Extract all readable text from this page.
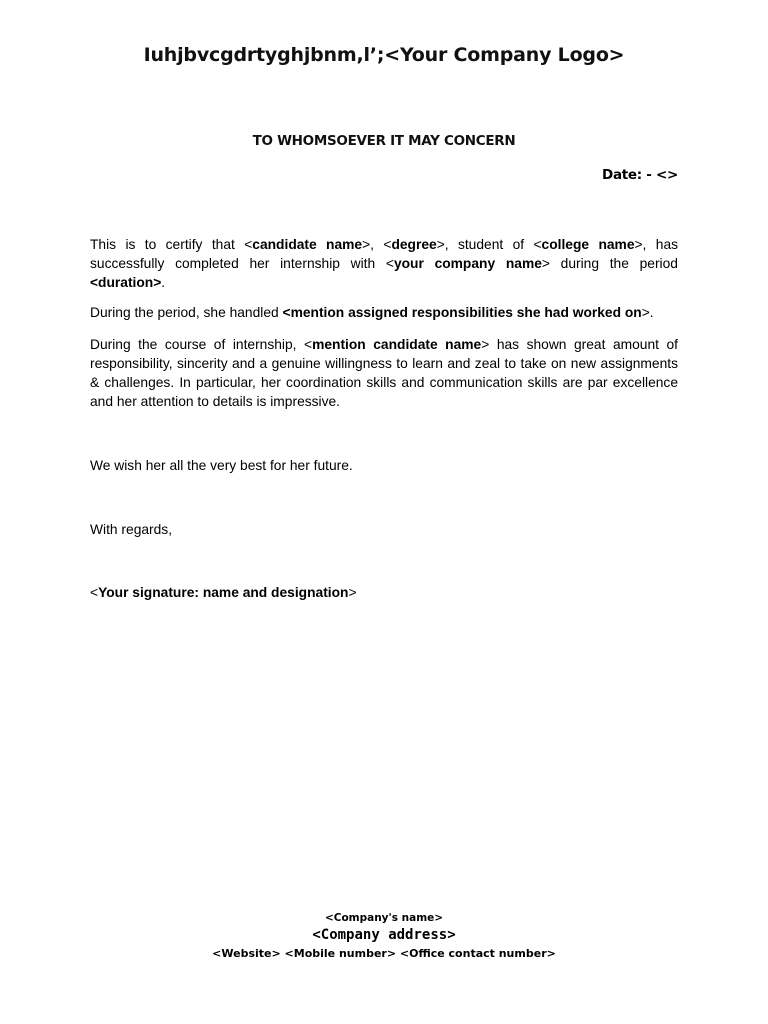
Iuhjbvcgdrtyghjbnm,l’;<Your Company Logo>
TO WHOMSOEVER IT MAY CONCERN
Date: - <>
This is to certify that <candidate name>, <degree>, student of <college name>, has successfully completed her internship with <your company name> during the period <duration>.
During the period, she handled <mention assigned responsibilities she had worked on>.
During the course of internship, <mention candidate name> has shown great amount of responsibility, sincerity and a genuine willingness to learn and zeal to take on new assignments & challenges. In particular, her coordination skills and communication skills are par excellence and her attention to details is impressive.
We wish her all the very best for her future.
With regards,
<Your signature: name and designation>
<Company's name>
<Company address>
<Website> <Mobile number> <Office contact number>
